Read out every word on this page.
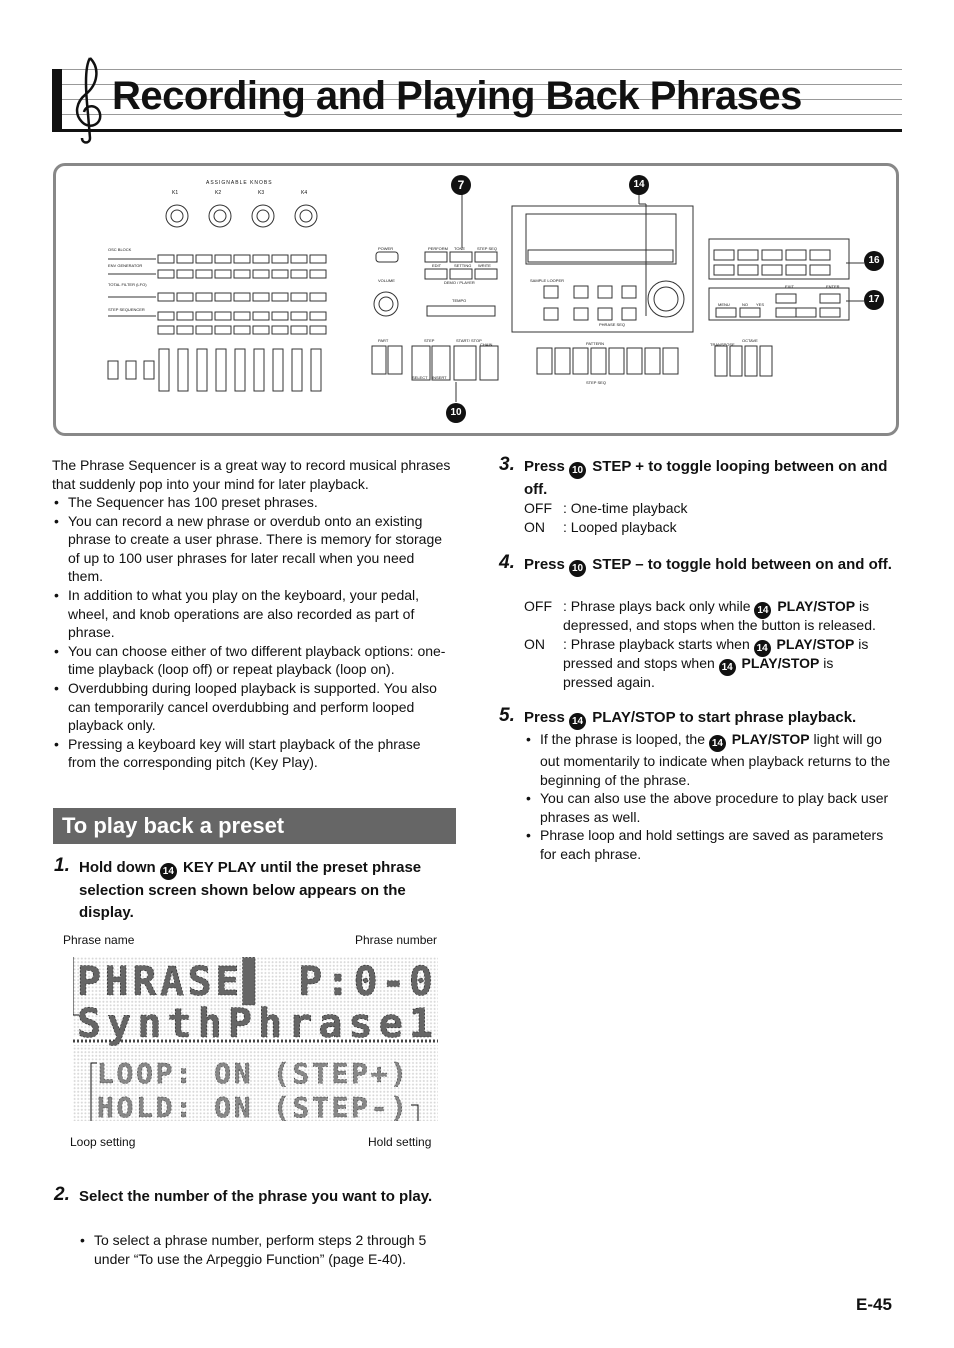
Recording and Playing Back Phrases
ASSIGNABLE KNOBS
K1	K2	K3	K4
OSC BLOCK
ENV GENERATOR
TOTAL FILTER (LFO)
STEP SEQUENCER
POWER
VOLUME
TEMPO
PERFORM TONE	STEP SEQ
EDIT	SETTING WRITE
DEMO / PLAYER	SAMPLE LOOPER
PHRASE SEQ
PATTERN
STEP SEQ
OCTAVE
TRANSPOSE
PART	STEP	START/ STOP
CHAIN
SELECT INSERT
EXIT	ENTER
MENU	NO YES
7	14
16
17
10
The Phrase Sequencer is a great way to record musical phrases that suddenly pop into your mind for later playback.
• The Sequencer has 100 preset phrases.
• You can record a new phrase or overdub onto an existing phrase to create a user phrase. There is memory for storage of up to 100 user phrases for later recall when you need them.
• In addition to what you play on the keyboard, your pedal, wheel, and knob operations are also recorded as part of phrase.
• You can choose either of two different playback options: one-time playback (loop off) or repeat playback (loop on).
• Overdubbing during looped playback is supported. You also can temporarily cancel overdubbing and perform looped playback only.
• Pressing a keyboard key will start playback of the phrase from the corresponding pitch (Key Play).
To play back a preset
1. Hold down 14 KEY PLAY until the preset phrase selection screen shown below appears on the display.
Phrase name	Phrase number
PHRASE▌ P:0-0
SynthPhrase1
LOOP: ON (STEP+)
HOLD: ON (STEP-)
Loop setting	Hold setting
2. Select the number of the phrase you want to play.
• To select a phrase number, perform steps 2 through 5 under “To use the Arpeggio Function” (page E-40).
3. Press 10 STEP + to toggle looping between on and off.
OFF : One-time playback
ON : Looped playback
4. Press 10 STEP – to toggle hold between on and off.
OFF : Phrase plays back only while 14 PLAY/STOP is
depressed, and stops when the button is released.
ON : Phrase playback starts when 14 PLAY/STOP is
pressed and stops when 14 PLAY/STOP is
pressed again.
5. Press 14 PLAY/STOP to start phrase playback.
• If the phrase is looped, the 14 PLAY/STOP light will go out momentarily to indicate when playback returns to the beginning of the phrase.
• You can also use the above procedure to play back user phrases as well.
• Phrase loop and hold settings are saved as parameters for each phrase.
E-45
